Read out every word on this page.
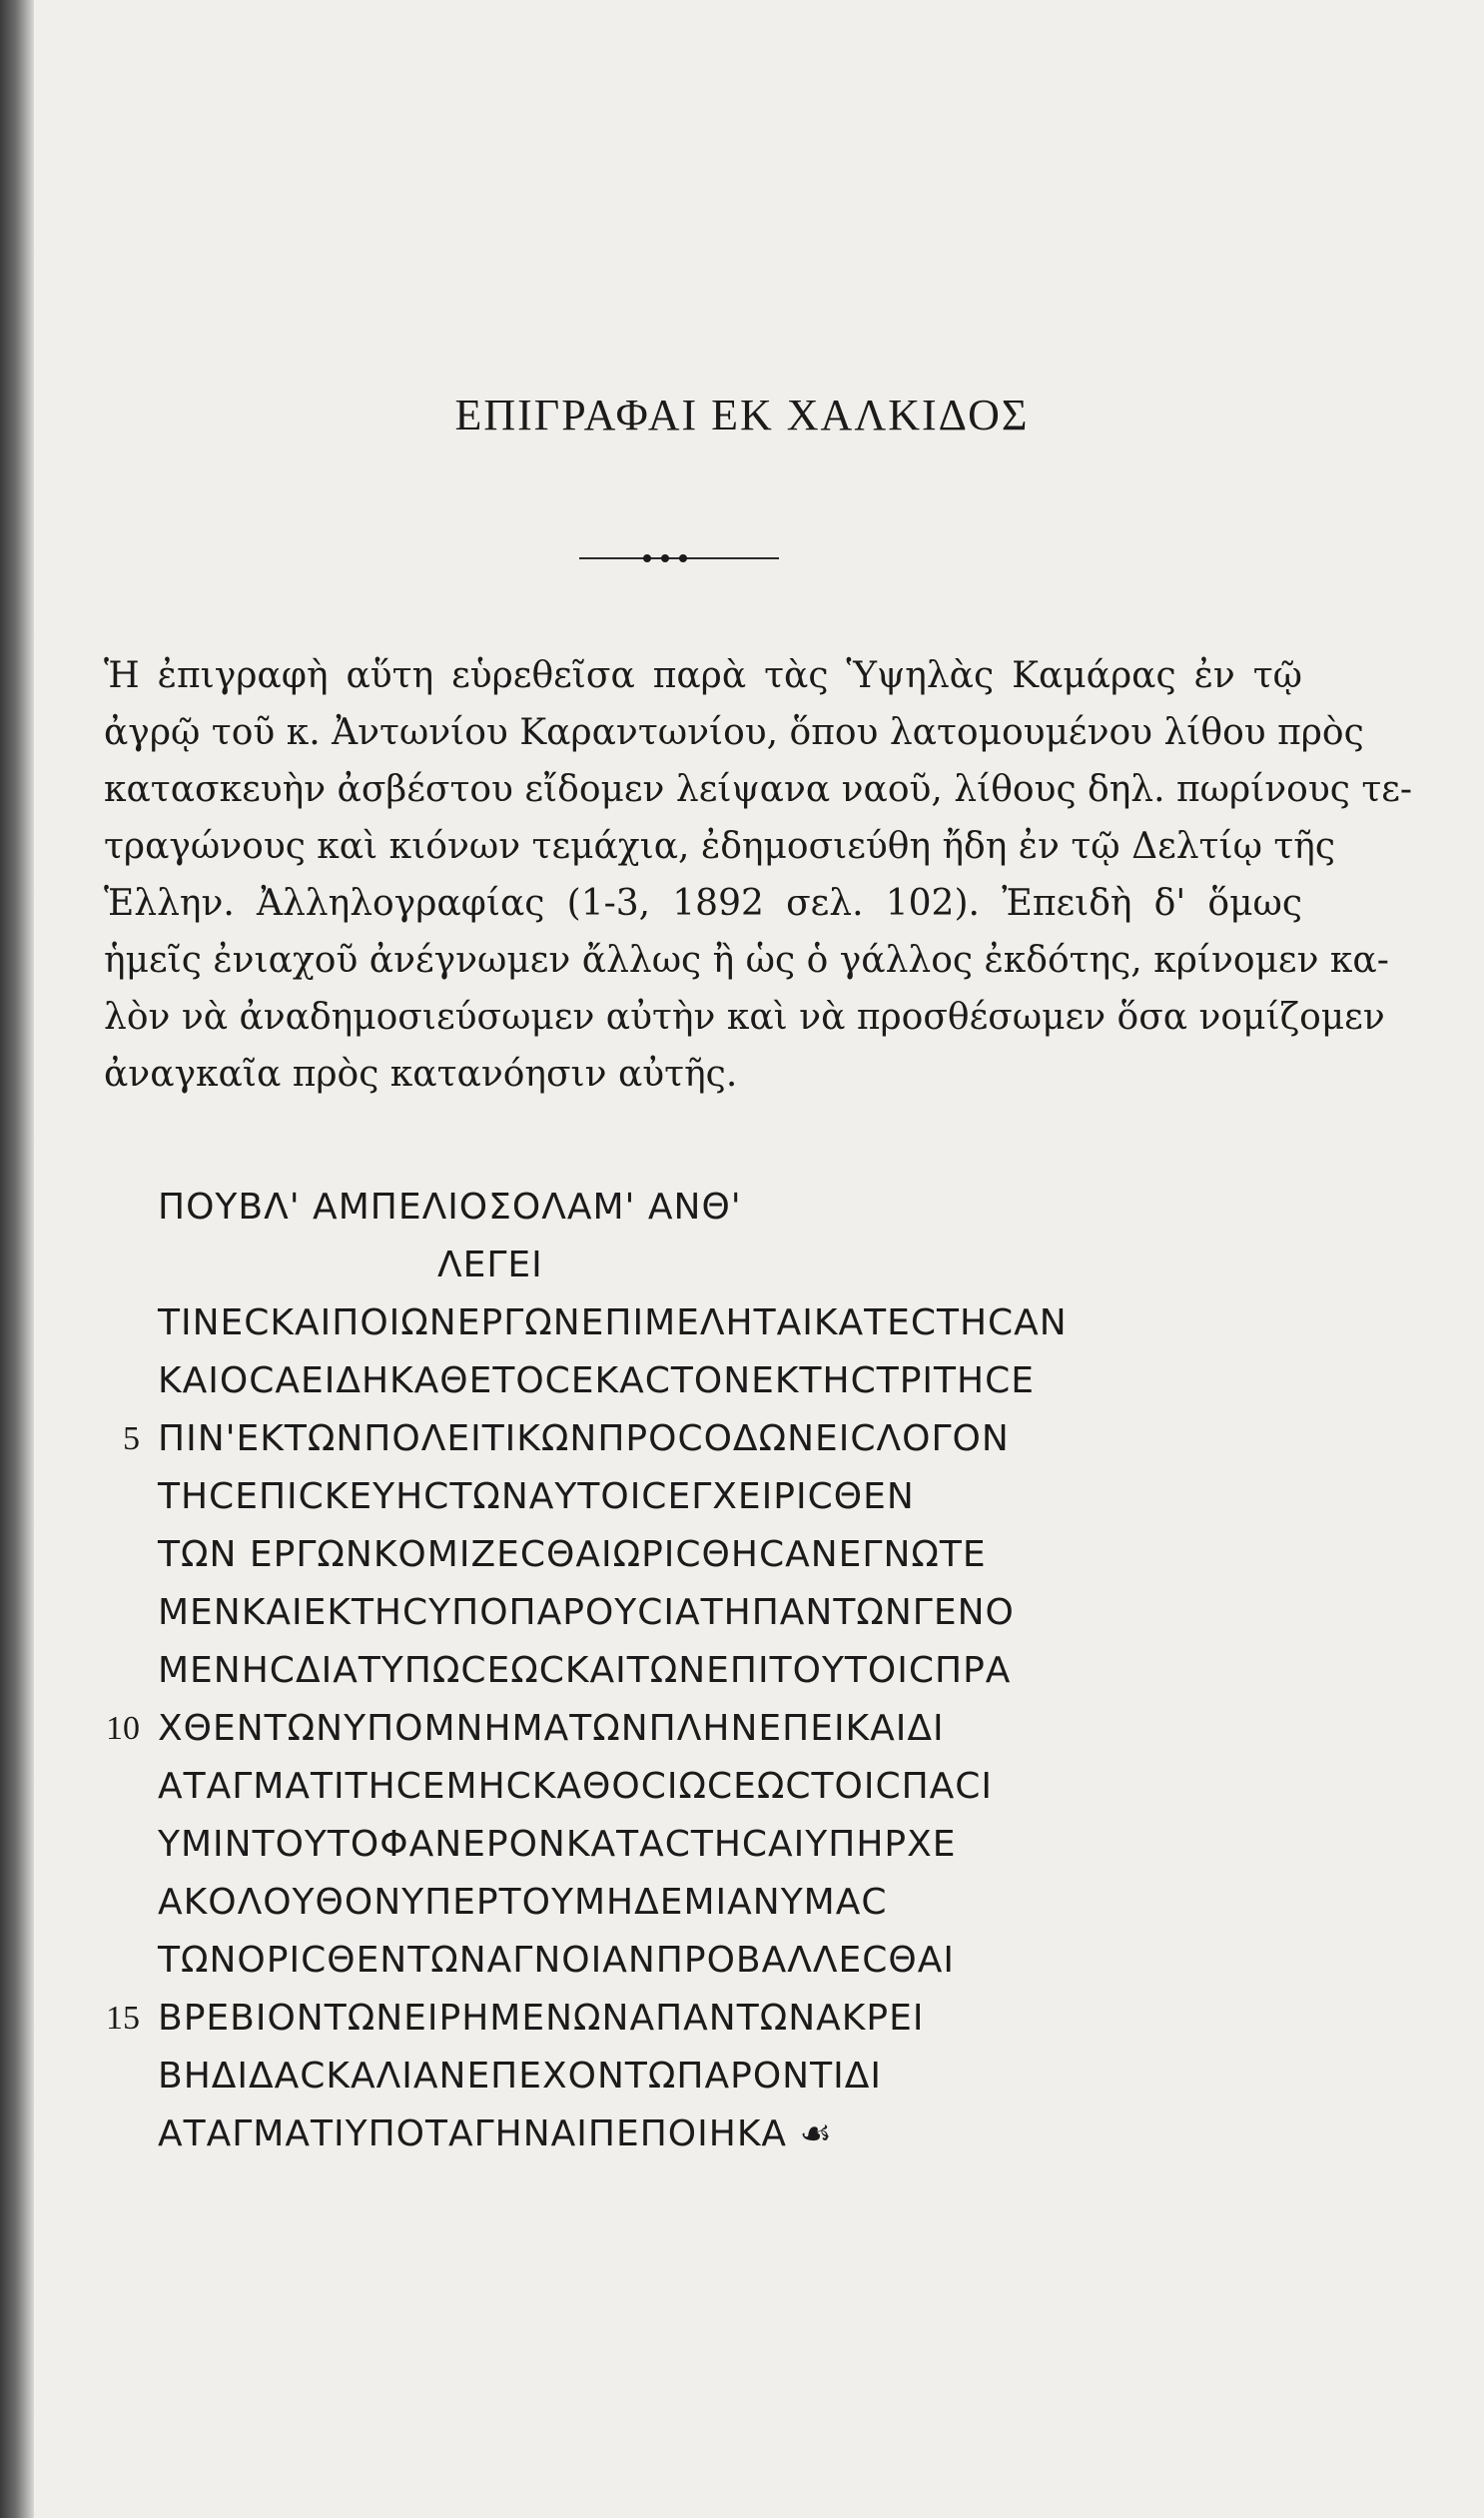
ΕΠΙΓΡΑΦΑΙ ΕΚ ΧΑΛΚΙΔΟΣ
Ἡ ἐπιγραφὴ αὕτη εὑρεθεῖσα παρὰ τὰς Ὑψηλὰς Καμάρας ἐν τῷ
ἀγρῷ τοῦ κ. Ἀντωνίου Καραντωνίου, ὅπου λατομουμένου λίθου πρὸς
κατασκευὴν ἀσβέστου εἴδομεν λείψανα ναοῦ, λίθους δηλ. πωρίνους τε-
τραγώνους καὶ κιόνων τεμάχια, ἐδημοσιεύθη ἤδη ἐν τῷ Δελτίῳ τῆς
Ἑλλην. Ἀλληλογραφίας (1-3, 1892 σελ. 102). Ἐπειδὴ δ' ὅμως
ἡμεῖς ἐνιαχοῦ ἀνέγνωμεν ἄλλως ἢ ὡς ὁ γάλλος ἐκδότης, κρίνομεν κα-
λὸν νὰ ἀναδημοσιεύσωμεν αὐτὴν καὶ νὰ προσθέσωμεν ὅσα νομίζομεν
ἀναγκαῖα πρὸς κατανόησιν αὐτῆς.
ΠΟΥΒΛ' ΑΜΠΕΛΙΟΣΟΛΑΜ' ΑΝΘ'
ΛΕΓΕΙ
ΤΙΝΕϹΚΑΙΠΟΙΩΝΕΡΓΩΝΕΠΙΜΕΛΗΤΑΙΚΑΤΕϹΤΗϹΑΝ
ΚΑΙΟϹΑΕΙΔΗΚΑΘΕΤΟϹΕΚΑϹΤΟΝΕΚΤΗϹΤΡΙΤΗϹΕ
5 ΠΙΝ'ΕΚΤΩΝΠΟΛΕΙΤΙΚΩΝΠΡΟϹΟΔΩΝΕΙϹΛΟΓΟΝ
ΤΗϹΕΠΙϹΚΕΥΗϹΤΩΝΑΥΤΟΙϹΕΓΧΕΙΡΙϹΘΕΝ
ΤΩΝ ΕΡΓΩΝΚΟΜΙΖΕϹΘΑΙΩΡΙϹΘΗϹΑΝΕΓΝΩΤΕ
ΜΕΝΚΑΙΕΚΤΗϹΥΠΟΠΑΡΟΥϹΙΑΤΗΠΑΝΤΩΝΓΕΝΟ
ΜΕΝΗϹΔΙΑΤΥΠΩϹΕΩϹΚΑΙΤΩΝΕΠΙΤΟΥΤΟΙϹΠΡΑ
10 ΧΘΕΝΤΩΝΥΠΟΜΝΗΜΑΤΩΝΠΛΗΝΕΠΕΙΚΑΙΔΙ
ΑΤΑΓΜΑΤΙΤΗϹΕΜΗϹΚΑΘΟϹΙΩϹΕΩϹΤΟΙϹΠΑϹΙ
ΥΜΙΝΤΟΥΤΟΦΑΝΕΡΟΝΚΑΤΑϹΤΗϹΑΙΥΠΗΡΧΕ
ΑΚΟΛΟΥΘΟΝΥΠΕΡΤΟΥΜΗΔΕΜΙΑΝΥΜΑϹ
ΤΩΝΟΡΙϹΘΕΝΤΩΝΑΓΝΟΙΑΝΠΡΟΒΑΛΛΕϹΘΑΙ
15 ΒΡΕΒΙΟΝΤΩΝΕΙΡΗΜΕΝΩΝΑΠΑΝΤΩΝΑΚΡΕΙ
ΒΗΔΙΔΑϹΚΑΛΙΑΝΕΠΕΧΟΝΤΩΠΑΡΟΝΤΙΔΙ
ΑΤΑΓΜΑΤΙΥΠΟΤΑΓΗΝΑΙΠΕΠΟΙΗΚΑ ☙
